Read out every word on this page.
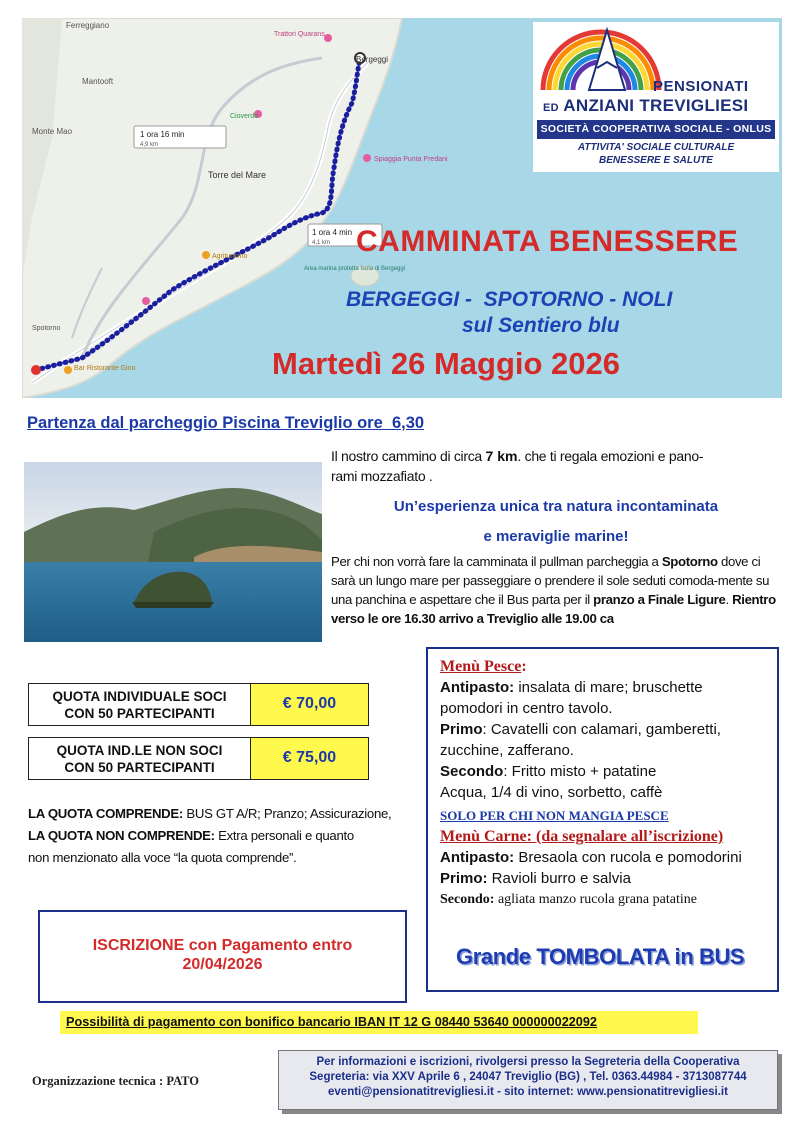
Ferreggiano
Mantooft
Trattori Quarans
Bergeggi
Monte Mao
Cioverde
Spiaggia Punta Predani
Torre del Mare
Agriturismo
Area marina protetta Isola di Bergeggi
Spotorno
Bar Ristorante Gino
1 ora 16 min
4,9 km
1 ora 4 min
4,1 km
PENSIONATI
ED ANZIANI TREVIGLIESI
SOCIETÀ COOPERATIVA SOCIALE - ONLUS
ATTIVITA' SOCIALE CULTURALE
BENESSERE E SALUTE
CAMMINATA BENESSERE
BERGEGGI -  SPOTORNO - NOLI
sul Sentiero blu
Martedì 26 Maggio 2026
Partenza dal parcheggio Piscina Treviglio ore  6,30
Il nostro cammino di circa 7 km. che ti regala emozioni e pano-
rami mozzafiato .
Un’esperienza unica tra natura incontaminata
e meraviglie marine!
Per chi non vorrà fare la camminata il pullman parcheggia a Spotorno dove ci sarà un lungo mare per passeggiare o prendere il sole seduti comoda-mente su una panchina e aspettare che il Bus parta per il pranzo a Finale Ligure. Rientro verso le ore 16.30 arrivo a Treviglio alle 19.00 ca
QUOTA INDIVIDUALE SOCI
CON 50 PARTECIPANTI
€ 70,00
QUOTA IND.LE NON SOCI
CON 50 PARTECIPANTI
€ 75,00
LA QUOTA COMPRENDE: BUS GT A/R; Pranzo; Assicurazione,
LA QUOTA NON COMPRENDE: Extra personali e quanto
non menzionato alla voce “la quota comprende”.
ISCRIZIONE con Pagamento entro
20/04/2026
Menù Pesce:
Antipasto: insalata di mare; bruschette
pomodori in centro tavolo.
Primo: Cavatelli con calamari, gamberetti,
zucchine, zafferano.
Secondo: Fritto misto + patatine
Acqua, 1/4 di vino, sorbetto, caffè
SOLO PER CHI NON MANGIA PESCE
Menù Carne: (da segnalare all’iscrizione)
Antipasto: Bresaola con rucola e pomodorini
Primo: Ravioli burro e salvia
Secondo: agliata manzo rucola grana patatine
Grande TOMBOLATA in BUS
Possibilità di pagamento con bonifico bancario IBAN IT 12 G 08440 53640 000000022092
Organizzazione tecnica : PATO
Per informazioni e iscrizioni, rivolgersi presso la Segreteria della Cooperativa
Segreteria: via XXV Aprile 6 , 24047 Treviglio (BG) , Tel. 0363.44984 - 3713087744
eventi@pensionatitrevigliesi.it - sito internet: www.pensionatitrevigliesi.it
